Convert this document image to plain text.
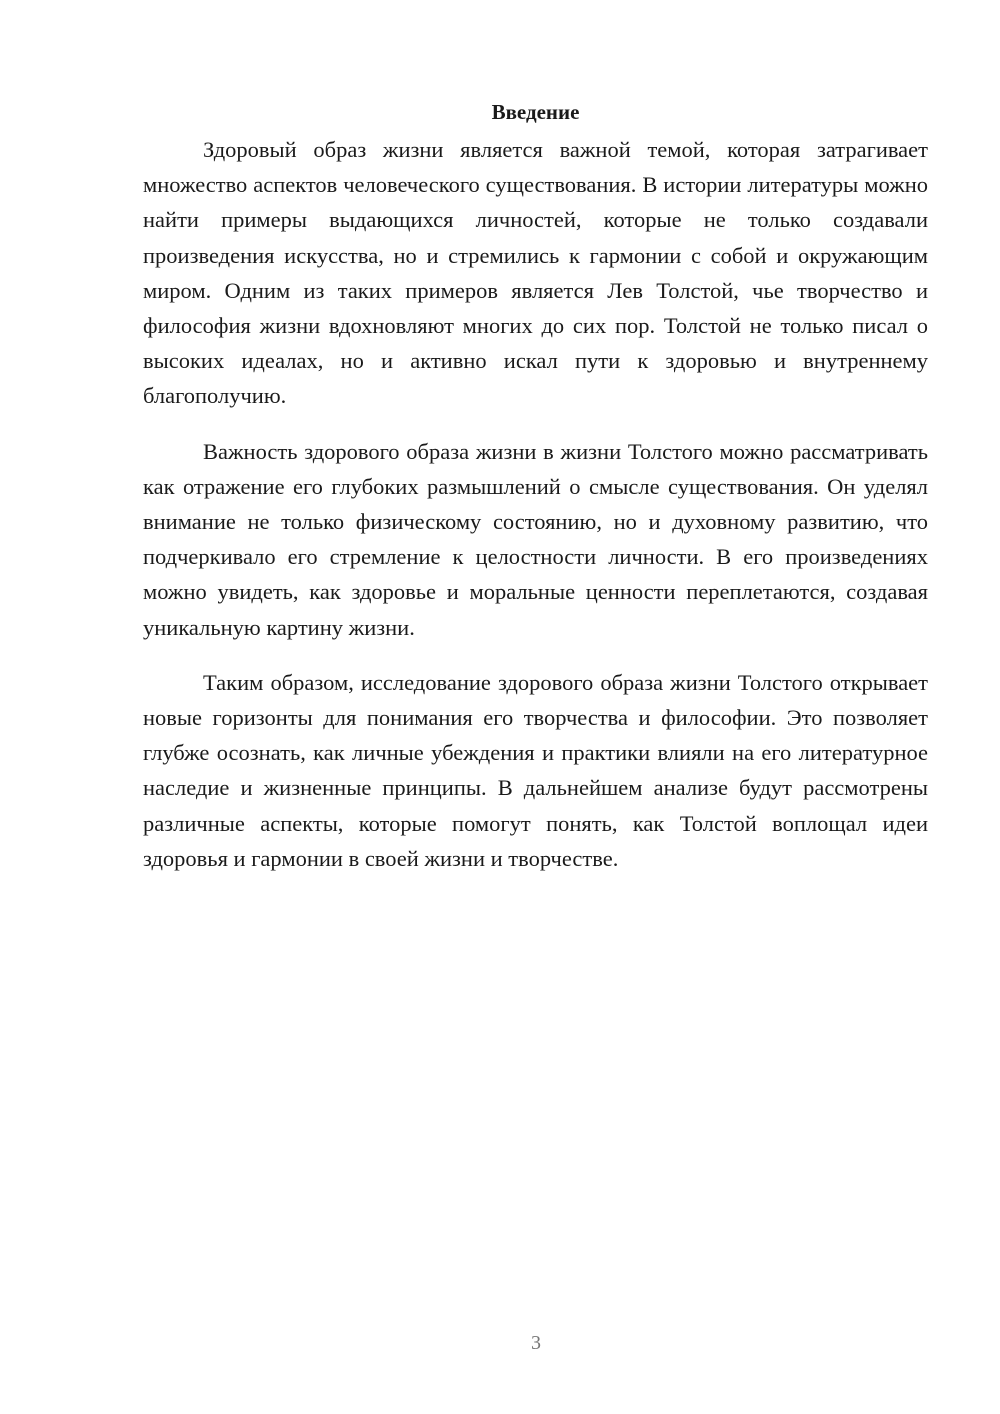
Введение

Здоровый образ жизни является важной темой, которая затрагивает множество аспектов человеческого существования. В истории литературы можно найти примеры выдающихся личностей, которые не только создавали произведения искусства, но и стремились к гармонии с собой и окружающим миром. Одним из таких примеров является Лев Толстой, чье творчество и философия жизни вдохновляют многих до сих пор. Толстой не только писал о высоких идеалах, но и активно искал пути к здоровью и внутреннему благополучию.

Важность здорового образа жизни в жизни Толстого можно рассматривать как отражение его глубоких размышлений о смысле существования. Он уделял внимание не только физическому состоянию, но и духовному развитию, что подчеркивало его стремление к целостности личности. В его произведениях можно увидеть, как здоровье и моральные ценности переплетаются, создавая уникальную картину жизни.

Таким образом, исследование здорового образа жизни Толстого открывает новые горизонты для понимания его творчества и философии. Это позволяет глубже осознать, как личные убеждения и практики влияли на его литературное наследие и жизненные принципы. В дальнейшем анализе будут рассмотрены различные аспекты, которые помогут понять, как Толстой воплощал идеи здоровья и гармонии в своей жизни и творчестве.

3
